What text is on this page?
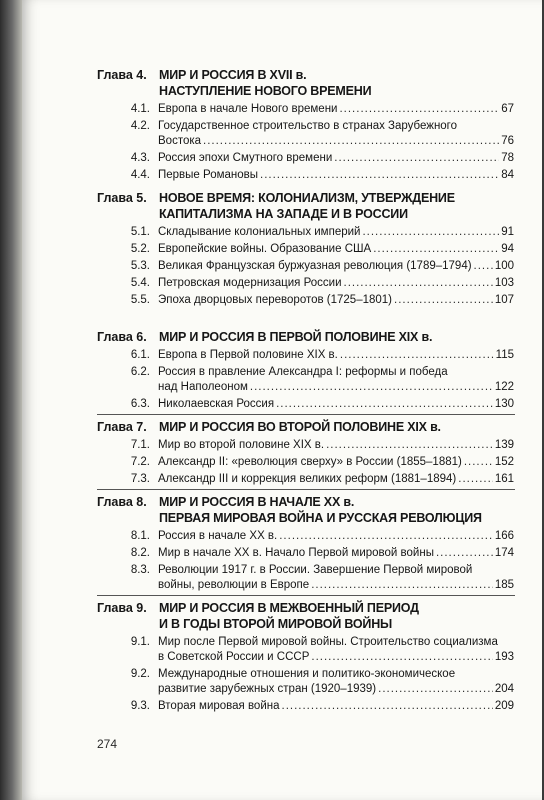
Глава 4. МИР И РОССИЯ В XVII в.
НАСТУПЛЕНИЕ НОВОГО ВРЕМЕНИ
4.1. Европа в начале Нового времени .....	67
4.2. Государственное строительство в странах Зарубежного
Востока .....	76
4.3. Россия эпохи Смутного времени .....	78
4.4. Первые Романовы .....	84
Глава 5. НОВОЕ ВРЕМЯ: КОЛОНИАЛИЗМ, УТВЕРЖДЕНИЕ
КАПИТАЛИЗМА НА ЗАПАДЕ И В РОССИИ
5.1. Складывание колониальных империй .....	91
5.2. Европейские войны. Образование США .....	94
5.3. Великая Французская буржуазная революция (1789–1794) ..... 100
5.4. Петровская модернизация России .....	103
5.5. Эпоха дворцовых переворотов (1725–1801) .....	107
Глава 6. МИР И РОССИЯ В ПЕРВОЙ ПОЛОВИНЕ XIX в.
6.1. Европа в Первой половине XIX в. .....	115
6.2. Россия в правление Александра I: реформы и победа
над Наполеоном .....	122
6.3. Николаевская Россия .....	130
Глава 7. МИР И РОССИЯ ВО ВТОРОЙ ПОЛОВИНЕ XIX в.
7.1. Мир во второй половине XIX в. .....	139
7.2. Александр II: «революция сверху» в России (1855–1881) .....	152
7.3. Александр III и коррекция великих реформ (1881–1894) .....	161
Глава 8. МИР И РОССИЯ В НАЧАЛЕ XX в.
ПЕРВАЯ МИРОВАЯ ВОЙНА И РУССКАЯ РЕВОЛЮЦИЯ
8.1. Россия в начале XX в. .....	166
8.2. Мир в начале XX в. Начало Первой мировой войны .....	174
8.3. Революции 1917 г. в России. Завершение Первой мировой
войны, революции в Европе .....	185
Глава 9. МИР И РОССИЯ В МЕЖВОЕННЫЙ ПЕРИОД
И В ГОДЫ ВТОРОЙ МИРОВОЙ ВОЙНЫ
9.1. Мир после Первой мировой войны. Строительство социализма
в Советской России и СССР .....	193
9.2. Международные отношения и политико-экономическое
развитие зарубежных стран (1920–1939) .....	204
9.3. Вторая мировая война .....	209
274
